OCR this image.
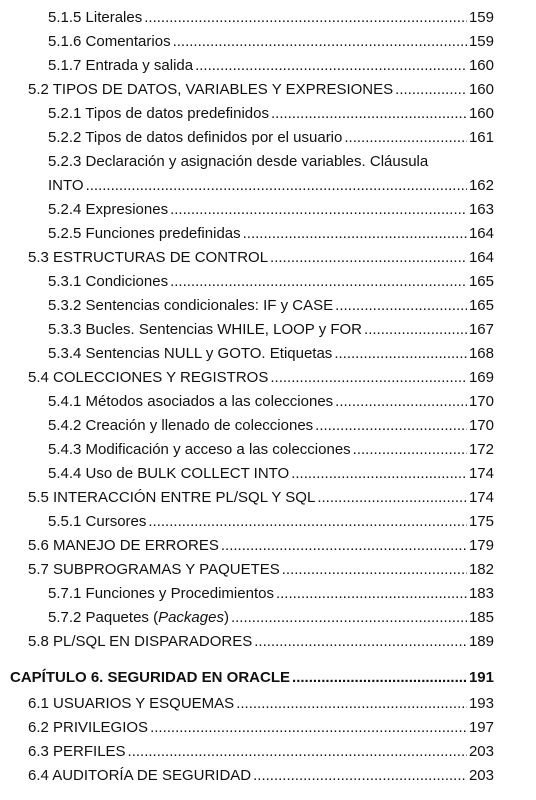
5.1.5 Literales .....	159
5.1.6 Comentarios .....	159
5.1.7 Entrada y salida .....	160
5.2 TIPOS DE DATOS, VARIABLES Y EXPRESIONES .....	160
5.2.1 Tipos de datos predefinidos .....	160
5.2.2 Tipos de datos definidos por el usuario .....	161
5.2.3 Declaración y asignación desde variables. Cláusula
INTO .....	162
5.2.4 Expresiones .....	163
5.2.5 Funciones predefinidas .....	164
5.3 ESTRUCTURAS DE CONTROL .....	164
5.3.1 Condiciones .....	165
5.3.2 Sentencias condicionales: IF y CASE .....	165
5.3.3 Bucles. Sentencias WHILE, LOOP y FOR .....	167
5.3.4 Sentencias NULL y GOTO. Etiquetas .....	168
5.4 COLECCIONES Y REGISTROS .....	169
5.4.1 Métodos asociados a las colecciones .....	170
5.4.2 Creación y llenado de colecciones .....	170
5.4.3 Modificación y acceso a las colecciones .....	172
5.4.4 Uso de BULK COLLECT INTO .....	174
5.5 INTERACCIÓN ENTRE PL/SQL Y SQL .....	174
5.5.1 Cursores .....	175
5.6 MANEJO DE ERRORES .....	179
5.7 SUBPROGRAMAS Y PAQUETES .....	182
5.7.1 Funciones y Procedimientos .....	183
5.7.2 Paquetes (Packages) .....	185
5.8 PL/SQL EN DISPARADORES .....	189
CAPÍTULO 6. SEGURIDAD EN ORACLE .....	191
6.1 USUARIOS Y ESQUEMAS .....	193
6.2 PRIVILEGIOS .....	197
6.3 PERFILES .....	203
6.4 AUDITORÍA DE SEGURIDAD .....	203
